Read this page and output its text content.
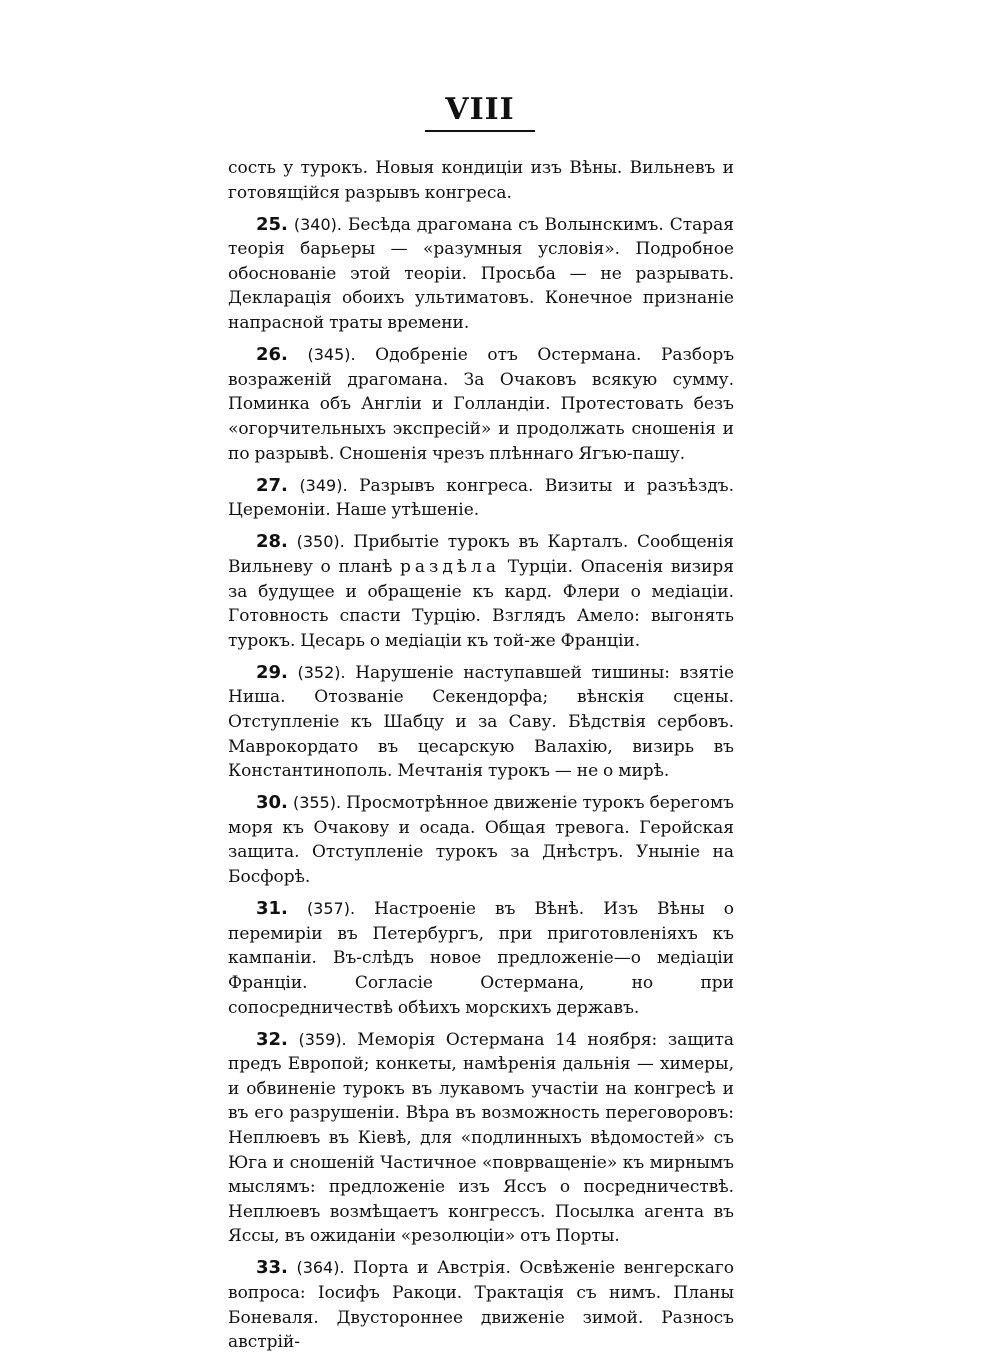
VIII

сость у турокъ. Новыя кондиціи изъ Вѣны. Вильневъ и готовящійся разрывъ конгреса.

25. (340). Бесѣда драгомана съ Волынскимъ. Старая теорія барьеры — «разумныя условія». Подробное обоснованіе этой теоріи. Просьба — не разрывать. Декларація обоихъ ультиматовъ. Конечное признаніе напрасной траты времени.

26. (345). Одобреніе отъ Остермана. Разборъ возраженій драгомана. За Очаковъ всякую сумму. Поминка объ Англіи и Голландіи. Протестовать безъ «огорчительныхъ экспресій» и продолжать сношенія и по разрывѣ. Сношенія чрезъ плѣннаго Ягъю-пашу.

27. (349). Разрывъ конгреса. Визиты и разъѣздъ. Церемоніи. Наше утѣшеніе.

28. (350). Прибытіе турокъ въ Карталъ. Сообщенія Вильневу о планѣ раздѣла Турціи. Опасенія визиря за будущее и обращеніе къ кард. Флери о медіаціи. Готовность спасти Турцію. Взглядъ Амело: выгонять турокъ. Цесарь о медіаціи къ той-же Франціи.

29. (352). Нарушеніе наступавшей тишины: взятіе Ниша. Отозваніе Секендорфа; вѣнскія сцены. Отступленіе къ Шабцу и за Саву. Бѣдствія сербовъ. Маврокордато въ цесарскую Валахію, визирь въ Константинополь. Мечтанія турокъ — не о мирѣ.

30. (355). Просмотрѣнное движеніе турокъ берегомъ моря къ Очакову и осада. Общая тревога. Геройская защита. Отступленіе турокъ за Днѣстръ. Уныніе на Босфорѣ.

31. (357). Настроеніе въ Вѣнѣ. Изъ Вѣны о перемиріи въ Петербургъ, при приготовленіяхъ къ кампаніи. Въ-слѣдъ новое предложеніе—о медіаціи Франціи. Согласіе Остермана, но при сопосредничествѣ обѣихъ морскихъ державъ.

32. (359). Меморія Остермана 14 ноября: защита предъ Европой; конкеты, намѣренія дальнія — химеры, и обвиненіе турокъ въ лукавомъ участіи на конгресѣ и въ его разрушеніи. Вѣра въ возможность переговоровъ: Неплюевъ въ Кіевѣ, для «подлинныхъ вѣдомостей» съ Юга и сношеній Частичное «поврващеніе» къ мирнымъ мыслямъ: предложеніе изъ Яссъ о посредничествѣ. Неплюевъ возмѣщаетъ конгрессъ. Посылка агента въ Яссы, въ ожиданіи «резолюціи» отъ Порты.

33. (364). Порта и Австрія. Освѣженіе венгерскаго вопроса: Іосифъ Ракоци. Трактація съ нимъ. Планы Боневаля. Двустороннее движеніе зимой. Разносъ австрій-
